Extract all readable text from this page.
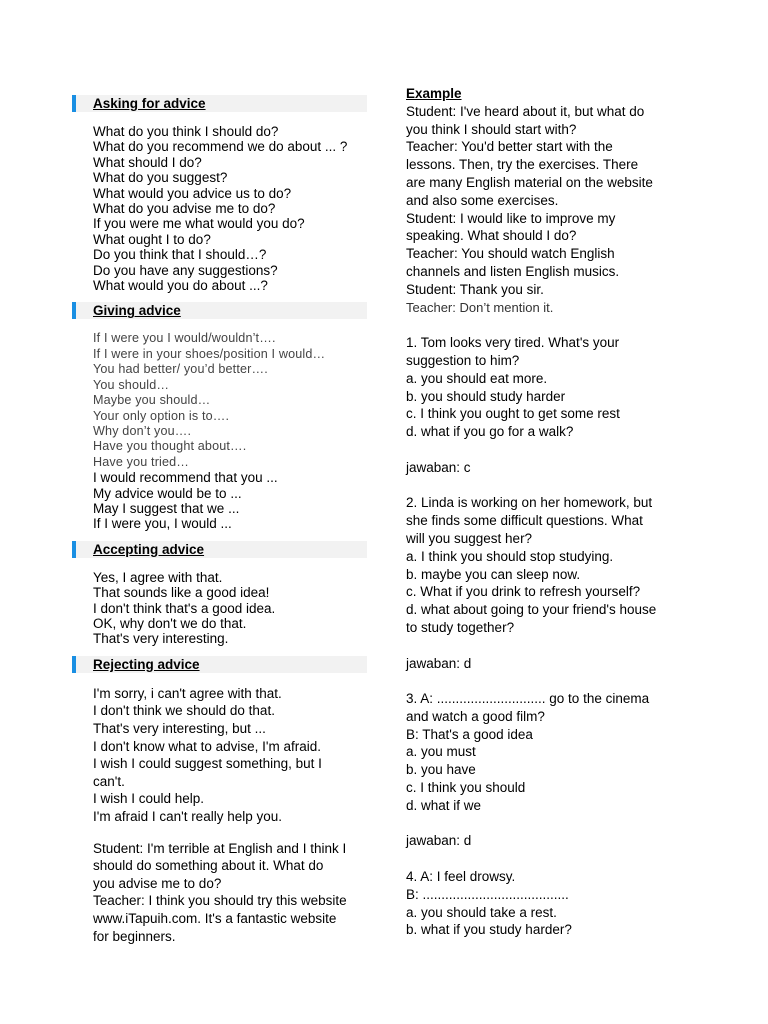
Asking for advice
What do you think I should do?
What do you recommend we do about ... ?
What should I do?
What do you suggest?
What would you advice us to do?
What do you advise me to do?
If you were me what would you do?
What ought I to do?
Do you think that I should…?
Do you have any suggestions?
What would you do about ...?
Giving advice
If I were you I would/wouldn’t….
If I were in your shoes/position I would…
You had better/ you’d better….
You should…
Maybe you should…
Your only option is to….
Why don’t you….
Have you thought about….
Have you tried…
I would recommend that you ...
My advice would be to ...
May I suggest that we ...
If I were you, I would ...
Accepting advice
Yes, I agree with that.
That sounds like a good idea!
I don't think that's a good idea.
OK, why don't we do that.
That's very interesting.
Rejecting advice
I'm sorry, i can't agree with that.
I don't think we should do that.
That's very interesting, but ...
I don't know what to advise, I'm afraid.
I wish I could suggest something, but I
can't.
I wish I could help.
I'm afraid I can't really help you.
Student: I'm terrible at English and I think I
should do something about it. What do
you advise me to do?
Teacher: I think you should try this website
www.iTapuih.com. It's a fantastic website
for beginners.
Example
Student: I've heard about it, but what do
you think I should start with?
Teacher: You'd better start with the
lessons. Then, try the exercises. There
are many English material on the website
and also some exercises.
Student: I would like to improve my
speaking. What should I do?
Teacher: You should watch English
channels and listen English musics.
Student: Thank you sir.
Teacher: Don’t mention it.
1. Tom looks very tired. What's your
suggestion to him?
a. you should eat more.
b. you should study harder
c. I think you ought to get some rest
d. what if you go for a walk?
jawaban: c
2. Linda is working on her homework, but
she finds some difficult questions. What
will you suggest her?
a. I think you should stop studying.
b. maybe you can sleep now.
c. What if you drink to refresh yourself?
d. what about going to your friend's house
to study together?
jawaban: d
3. A: ............................. go to the cinema
and watch a good film?
B: That's a good idea
a. you must
b. you have
c. I think you should
d. what if we
jawaban: d
4. A: I feel drowsy.
B: .......................................
a. you should take a rest.
b. what if you study harder?
